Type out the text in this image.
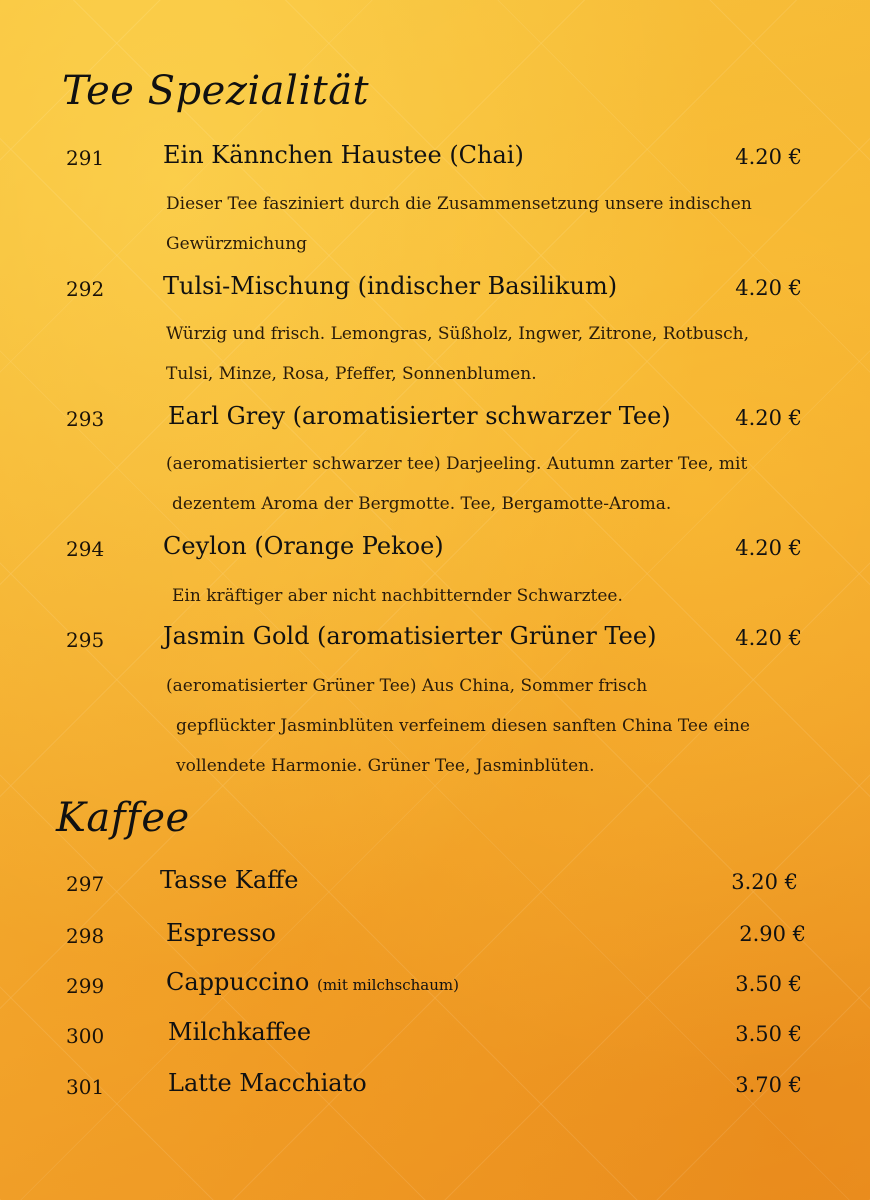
Tee Spezialität
291 Ein Kännchen Haustee (Chai)	4.20 €
Dieser Tee fasziniert durch die Zusammensetzung unsere indischen
Gewürzmichung
292 Tulsi-Mischung (indischer Basilikum)	4.20 €
Würzig und frisch. Lemongras, Süßholz, Ingwer, Zitrone, Rotbusch,
Tulsi, Minze, Rosa, Pfeffer, Sonnenblumen.
293	Earl Grey (aromatisierter schwarzer Tee)	4.20 €
(aeromatisierter schwarzer tee) Darjeeling. Autumn zarter Tee, mit
dezentem Aroma der Bergmotte. Tee, Bergamotte-Aroma.
294 Ceylon (Orange Pekoe)	4.20 €
Ein kräftiger aber nicht nachbitternder Schwarztee.
295 Jasmin Gold (aromatisierter Grüner Tee)	4.20 €
(aeromatisierter Grüner Tee) Aus China, Sommer frisch
gepflückter Jasminblüten verfeinem diesen sanften China Tee eine
vollendete Harmonie. Grüner Tee, Jasminblüten.
Kaffee
297 Tasse Kaffe	3.20 €
298	Espresso	2.90 €
299	Cappuccino (mit milchschaum)	3.50 €
300	Milchkaffee	3.50 €
301	Latte Macchiato	3.70 €
